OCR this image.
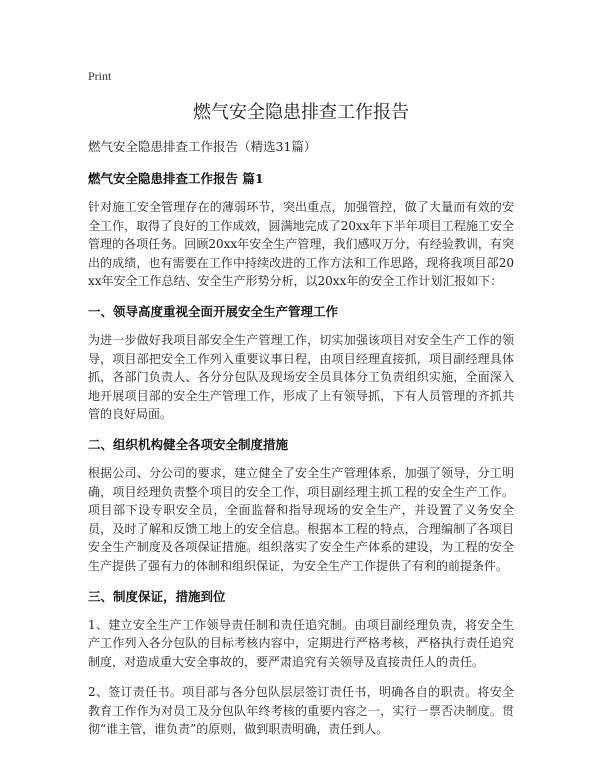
Print
燃气安全隐患排查工作报告
燃气安全隐患排查工作报告（精选31篇）
燃气安全隐患排查工作报告 篇1

针对施工安全管理存在的薄弱环节，突出重点，加强管控，做了大量而有效的安全工作，取得了良好的工作成效，圆满地完成了20xx年下半年项目工程施工安全管理的各项任务。回顾20xx年安全生产管理，我们感叹万分，有经验教训，有突出的成绩，也有需要在工作中持续改进的工作方法和工作思路，现将我项目部20xx年安全工作总结、安全生产形势分析，以20xx年的安全工作计划汇报如下：

一、领导高度重视全面开展安全生产管理工作

为进一步做好我项目部安全生产管理工作，切实加强该项目对安全生产工作的领导，项目部把安全工作列入重要议事日程，由项目经理直接抓，项目副经理具体抓，各部门负责人、各分分包队及现场安全员具体分工负责组织实施，全面深入地开展项目部的安全生产管理工作，形成了上有领导抓，下有人员管理的齐抓共管的良好局面。

二、组织机构健全各项安全制度措施

根据公司、分公司的要求，建立健全了安全生产管理体系，加强了领导，分工明确，项目经理负责整个项目的安全工作，项目副经理主抓工程的安全生产工作。项目部下设专职安全员，全面监督和指导现场的安全生产，并设置了义务安全员，及时了解和反馈工地上的安全信息。根据本工程的特点，合理编制了各项目安全生产制度及各项保证措施。组织落实了安全生产体系的建设，为工程的安全生产提供了强有力的体制和组织保证，为安全生产工作提供了有利的前提条件。

三、制度保证，措施到位

1、建立安全生产工作领导责任制和责任追究制。由项目副经理负责，将安全生产工作列入各分包队的目标考核内容中，定期进行严格考核，严格执行责任追究制度，对造成重大安全事故的，要严肃追究有关领导及直接责任人的责任。

2、签订责任书。项目部与各分包队层层签订责任书，明确各自的职责。将安全教育工作作为对员工及分包队年终考核的重要内容之一，实行一票否决制度。贯彻“谁主管，谁负责”的原则，做到职责明确，责任到人。
